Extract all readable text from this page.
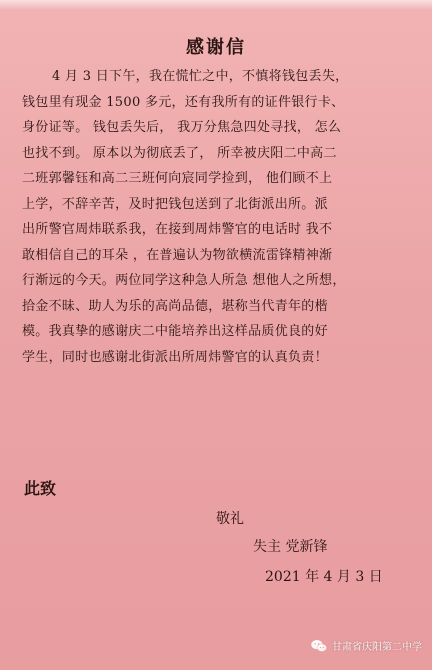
感谢信
4 月 3 日下午，我在慌忙之中，不慎将钱包丢失，
钱包里有现金 1500 多元，还有我所有的证件银行卡、
身份证等。 钱包丢失后， 我万分焦急四处寻找， 怎么
也找不到。 原本以为彻底丢了， 所幸被庆阳二中高二
二班郭馨钰和高二三班何向宸同学捡到， 他们顾不上
上学，不辞辛苦，及时把钱包送到了北街派出所。派
出所警官周炜联系我，在接到周炜警官的电话时 我不
敢相信自己的耳朵 ，在普遍认为物欲横流雷锋精神渐
行渐远的今天。两位同学这种急人所急 想他人之所想，
拾金不昧、助人为乐的高尚品德，堪称当代青年的楷
模。我真挚的感谢庆二中能培养出这样品质优良的好
学生，同时也感谢北街派出所周炜警官的认真负责！
此致
敬礼
失主 党新锋
2021 年 4 月 3 日
甘肃省庆阳第二中学
